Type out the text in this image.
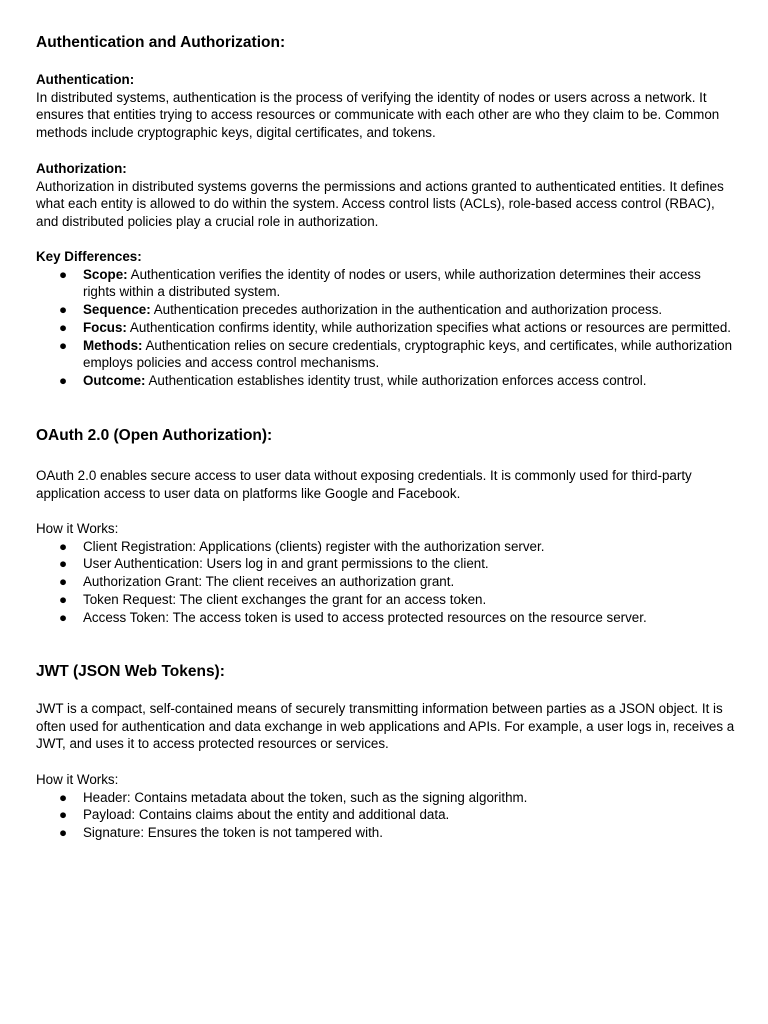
Authentication and Authorization:
Authentication:
In distributed systems, authentication is the process of verifying the identity of nodes or users across a network. It ensures that entities trying to access resources or communicate with each other are who they claim to be. Common methods include cryptographic keys, digital certificates, and tokens.
Authorization:
Authorization in distributed systems governs the permissions and actions granted to authenticated entities. It defines what each entity is allowed to do within the system. Access control lists (ACLs), role-based access control (RBAC), and distributed policies play a crucial role in authorization.
Key Differences:
● Scope: Authentication verifies the identity of nodes or users, while authorization determines their access rights within a distributed system.
● Sequence: Authentication precedes authorization in the authentication and authorization process.
● Focus: Authentication confirms identity, while authorization specifies what actions or resources are permitted.
● Methods: Authentication relies on secure credentials, cryptographic keys, and certificates, while authorization employs policies and access control mechanisms.
● Outcome: Authentication establishes identity trust, while authorization enforces access control.
OAuth 2.0 (Open Authorization):
OAuth 2.0 enables secure access to user data without exposing credentials. It is commonly used for third-party application access to user data on platforms like Google and Facebook.
How it Works:
● Client Registration: Applications (clients) register with the authorization server.
● User Authentication: Users log in and grant permissions to the client.
● Authorization Grant: The client receives an authorization grant.
● Token Request: The client exchanges the grant for an access token.
● Access Token: The access token is used to access protected resources on the resource server.
JWT (JSON Web Tokens):
JWT is a compact, self-contained means of securely transmitting information between parties as a JSON object. It is often used for authentication and data exchange in web applications and APIs. For example, a user logs in, receives a JWT, and uses it to access protected resources or services.
How it Works:
● Header: Contains metadata about the token, such as the signing algorithm.
● Payload: Contains claims about the entity and additional data.
● Signature: Ensures the token is not tampered with.
